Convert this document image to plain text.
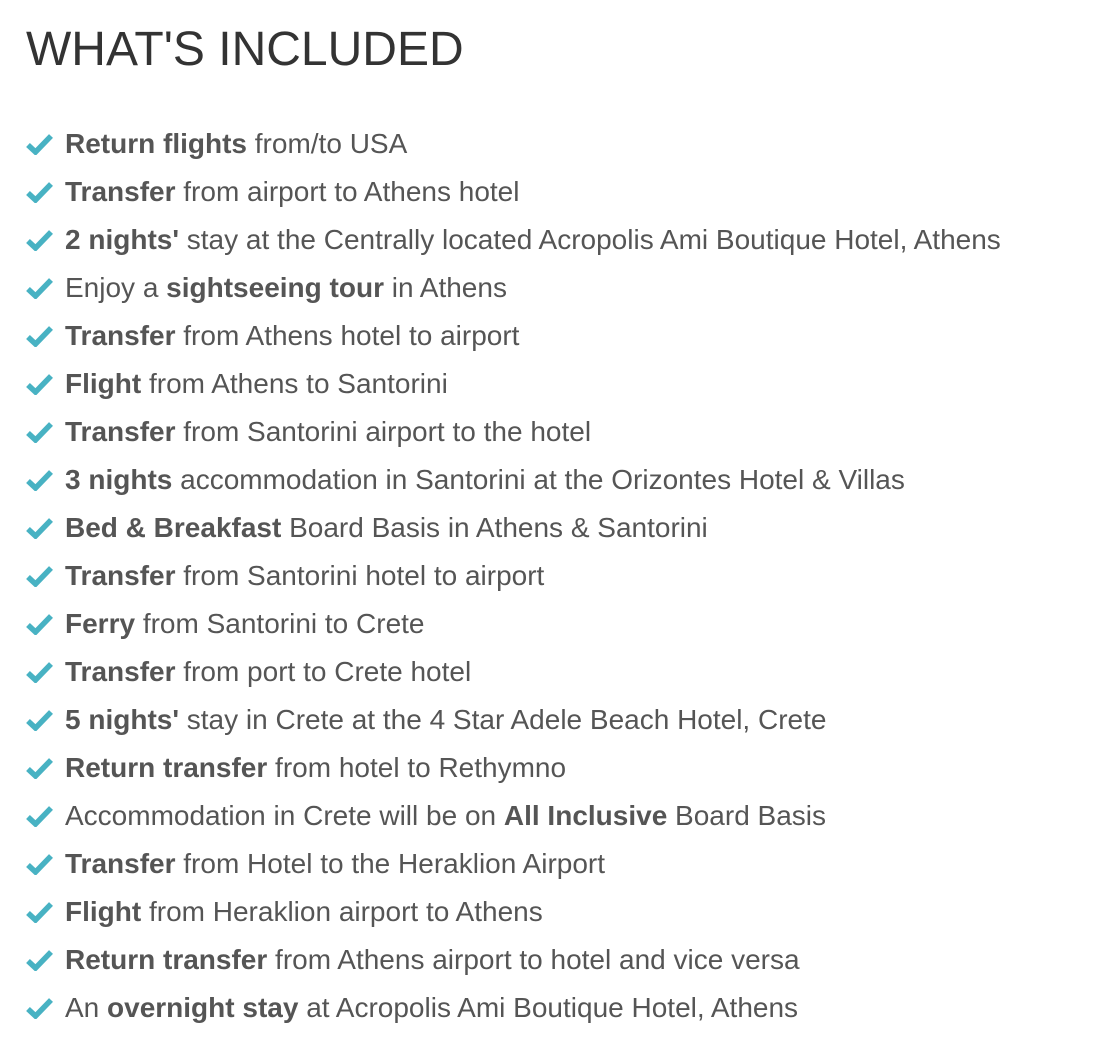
WHAT'S INCLUDED
Return flights from/to USA
Transfer from airport to Athens hotel
2 nights' stay at the Centrally located Acropolis Ami Boutique Hotel, Athens
Enjoy a sightseeing tour in Athens
Transfer from Athens hotel to airport
Flight from Athens to Santorini
Transfer from Santorini airport to the hotel
3 nights accommodation in Santorini at the Orizontes Hotel & Villas
Bed & Breakfast Board Basis in Athens & Santorini
Transfer from Santorini hotel to airport
Ferry from Santorini to Crete
Transfer from port to Crete hotel
5 nights' stay in Crete at the 4 Star Adele Beach Hotel, Crete
Return transfer from hotel to Rethymno
Accommodation in Crete will be on All Inclusive Board Basis
Transfer from Hotel to the Heraklion Airport
Flight from Heraklion airport to Athens
Return transfer from Athens airport to hotel and vice versa
An overnight stay at Acropolis Ami Boutique Hotel, Athens
